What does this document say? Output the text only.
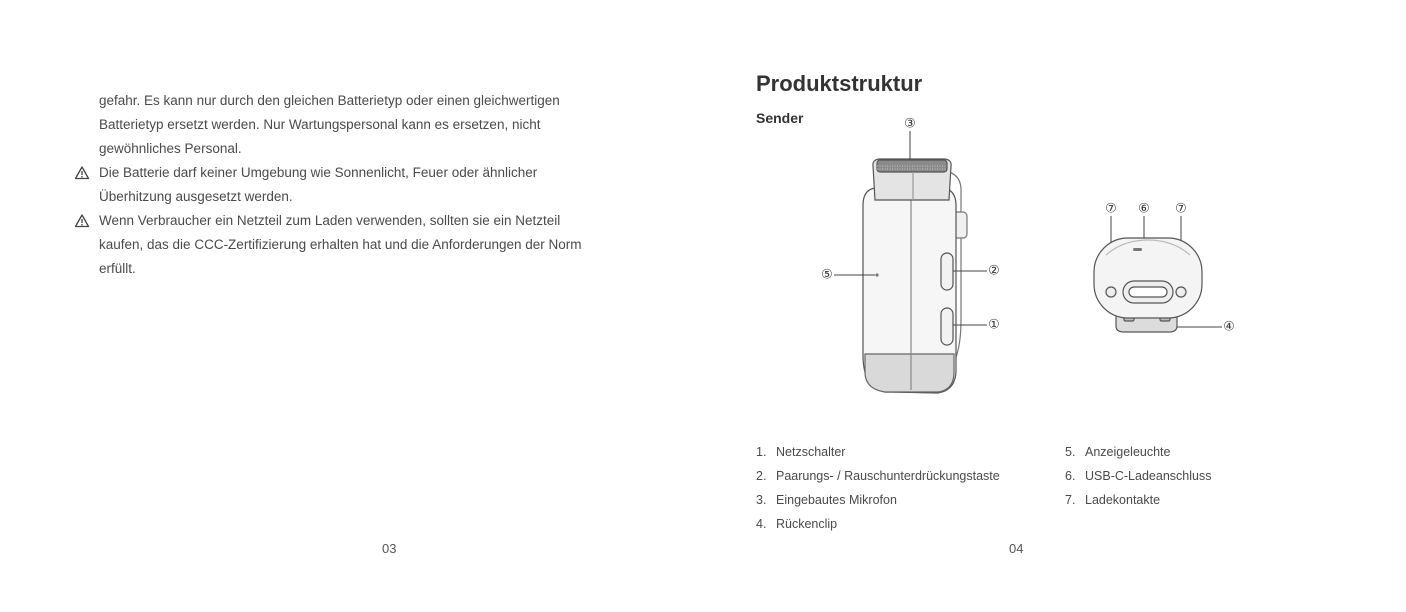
gefahr. Es kann nur durch den gleichen Batterietyp oder einen gleichwertigen
Batterietyp ersetzt werden. Nur Wartungspersonal kann es ersetzen, nicht
gewöhnliches Personal.
Die Batterie darf keiner Umgebung wie Sonnenlicht, Feuer oder ähnlicher
Überhitzung ausgesetzt werden.
Wenn Verbraucher ein Netzteil zum Laden verwenden, sollten sie ein Netzteil
kaufen, das die CCC-Zertifizierung erhalten hat und die Anforderungen der Norm
erfüllt.
03
Produktstruktur
Sender	③
②
①
⑤
⑦ ⑥ ⑦
④
1. Netzschalter
2. Paarungs- / Rauschunterdrückungstaste
3. Eingebautes Mikrofon
4. Rückenclip
5. Anzeigeleuchte
6. USB-C-Ladeanschluss
7. Ladekontakte
04
